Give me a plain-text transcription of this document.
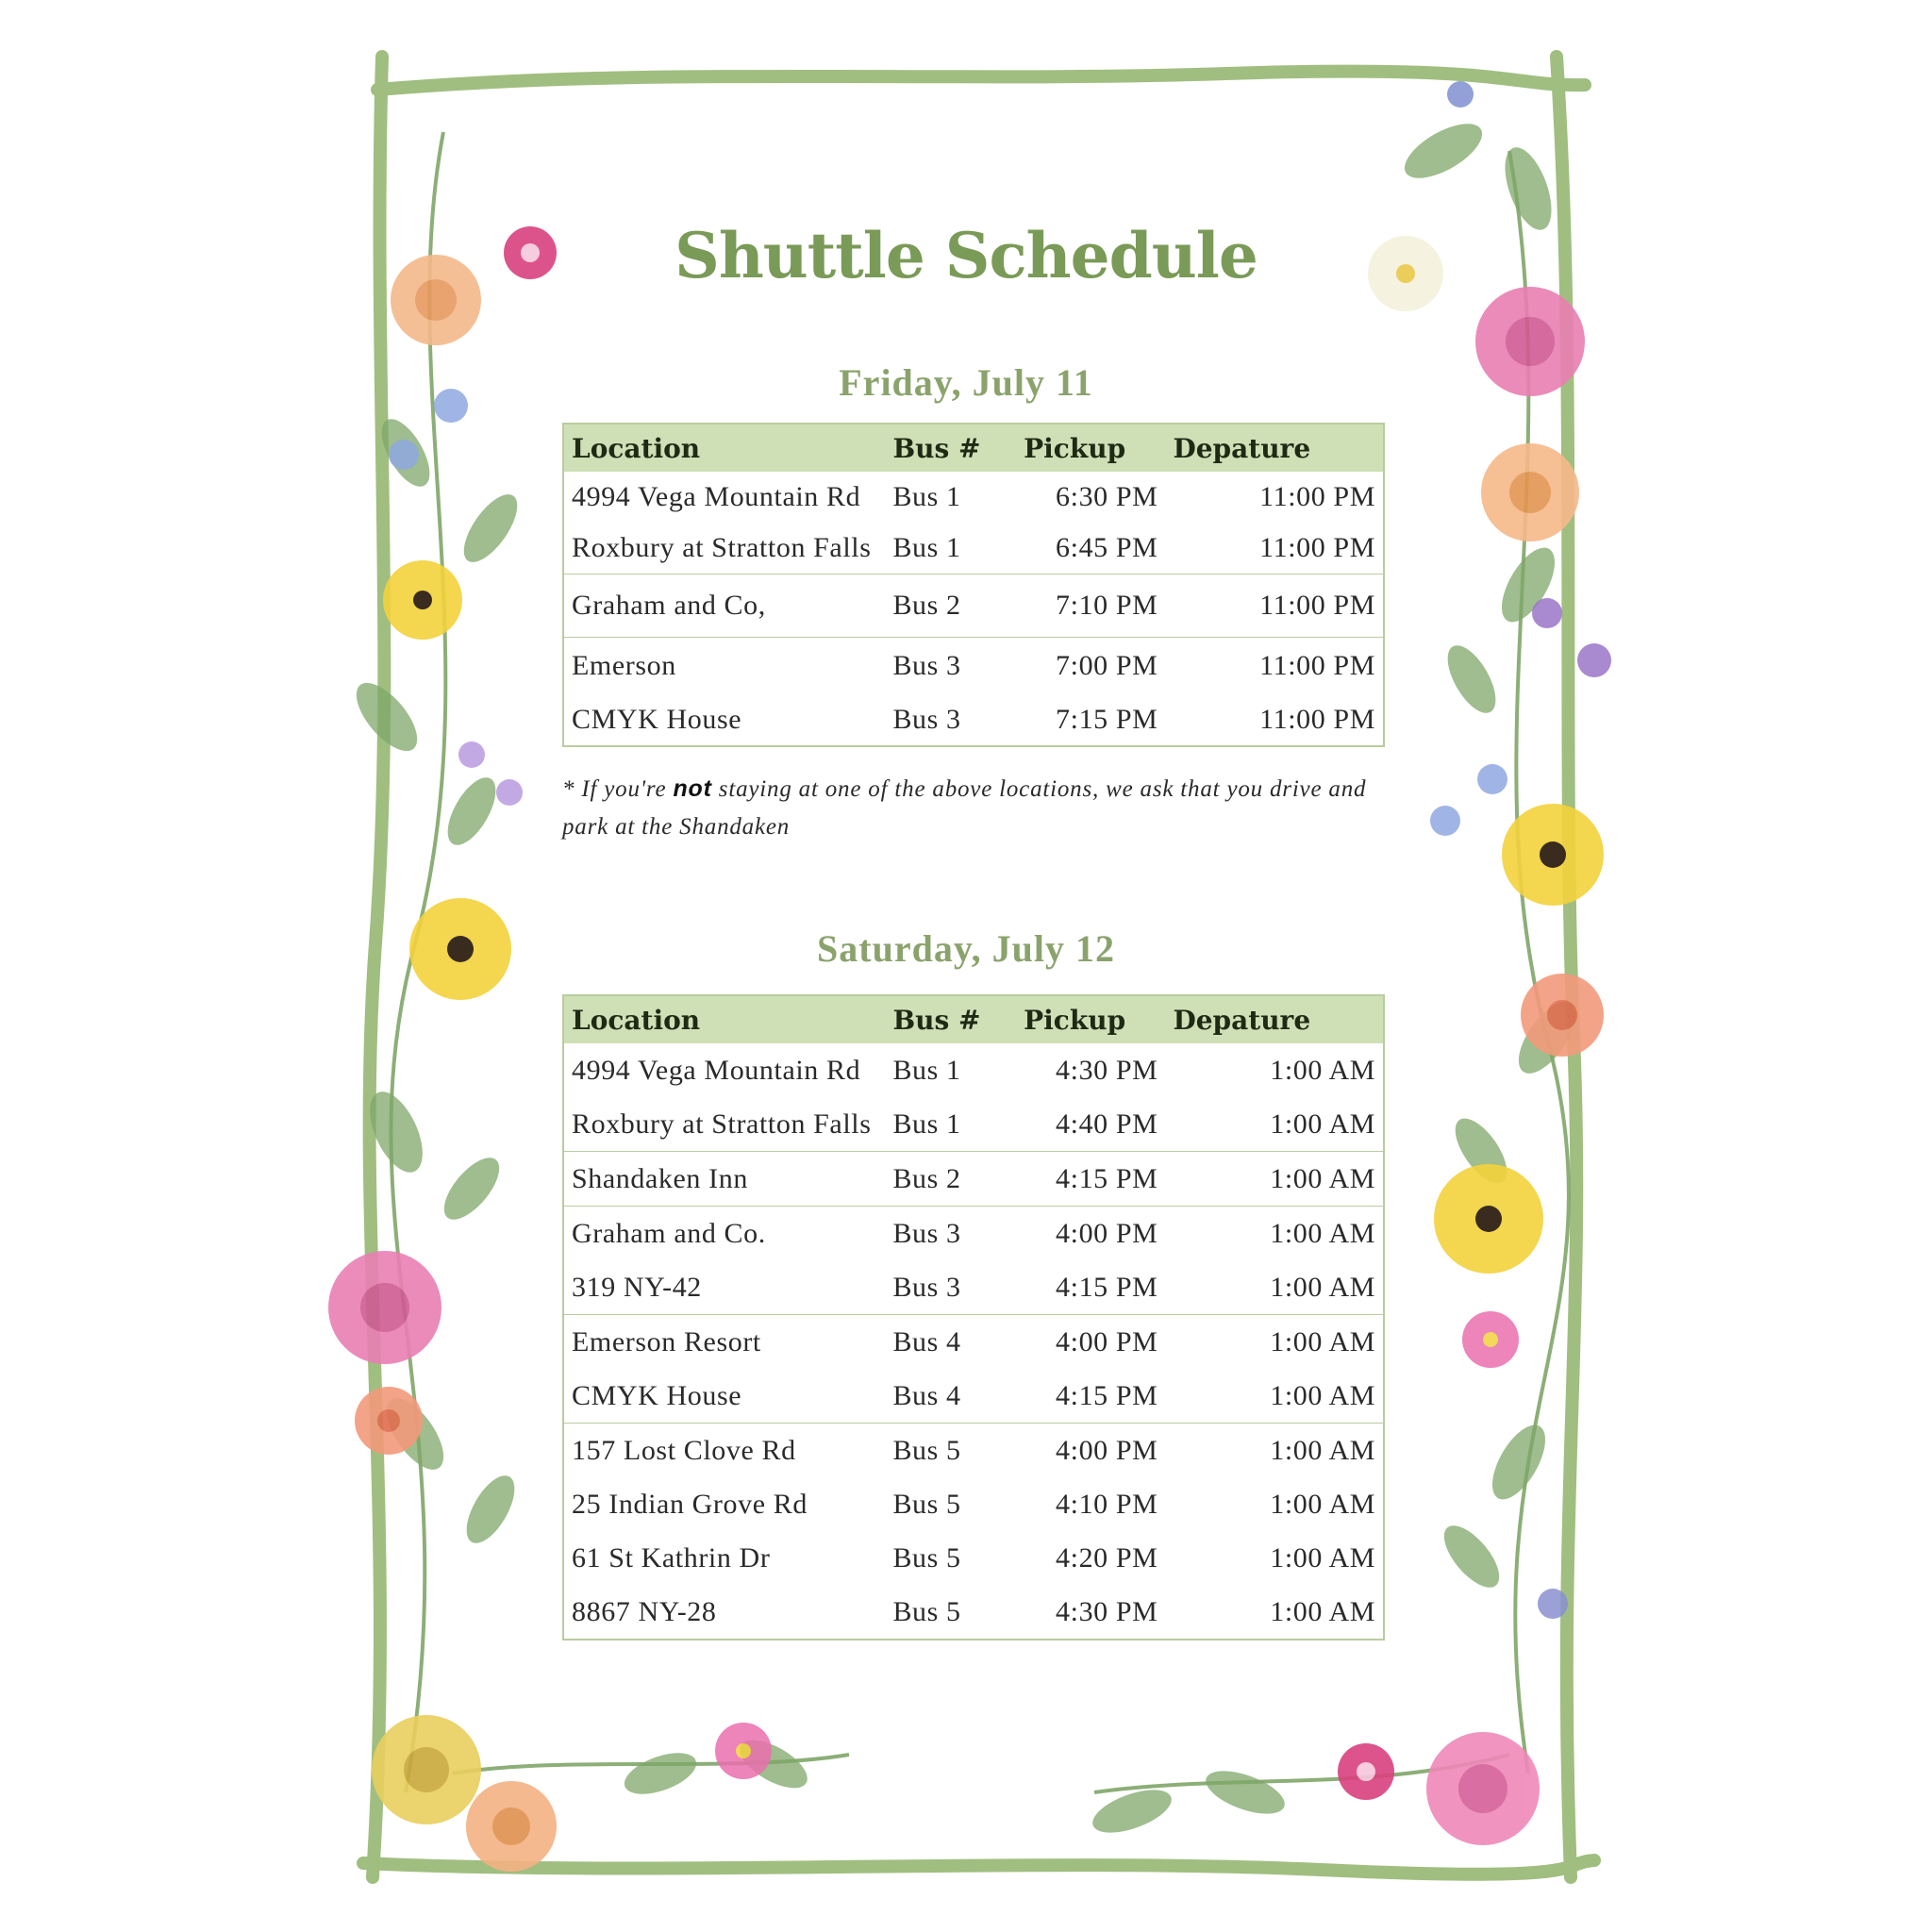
Shuttle Schedule
Friday, July 11
Location	Bus #	Pickup	Depature
4994 Vega Mountain Rd	Bus 1	6:30 PM	11:00 PM
Roxbury at Stratton Falls	Bus 1	6:45 PM	11:00 PM
Graham and Co,	Bus 2	7:10 PM	11:00 PM
Emerson	Bus 3	7:00 PM	11:00 PM
CMYK House	Bus 3	7:15 PM	11:00 PM

* If you're not staying at one of the above locations, we ask that you drive and park at the Shandaken

Saturday, July 12
Location	Bus #	Pickup	Depature
4994 Vega Mountain Rd	Bus 1	4:30 PM	1:00 AM
Roxbury at Stratton Falls	Bus 1	4:40 PM	1:00 AM
Shandaken Inn	Bus 2	4:15 PM	1:00 AM
Graham and Co.	Bus 3	4:00 PM	1:00 AM
319 NY-42	Bus 3	4:15 PM	1:00 AM
Emerson Resort	Bus 4	4:00 PM	1:00 AM
CMYK House	Bus 4	4:15 PM	1:00 AM
157 Lost Clove Rd	Bus 5	4:00 PM	1:00 AM
25 Indian Grove Rd	Bus 5	4:10 PM	1:00 AM
61 St Kathrin Dr	Bus 5	4:20 PM	1:00 AM
8867 NY-28	Bus 5	4:30 PM	1:00 AM
